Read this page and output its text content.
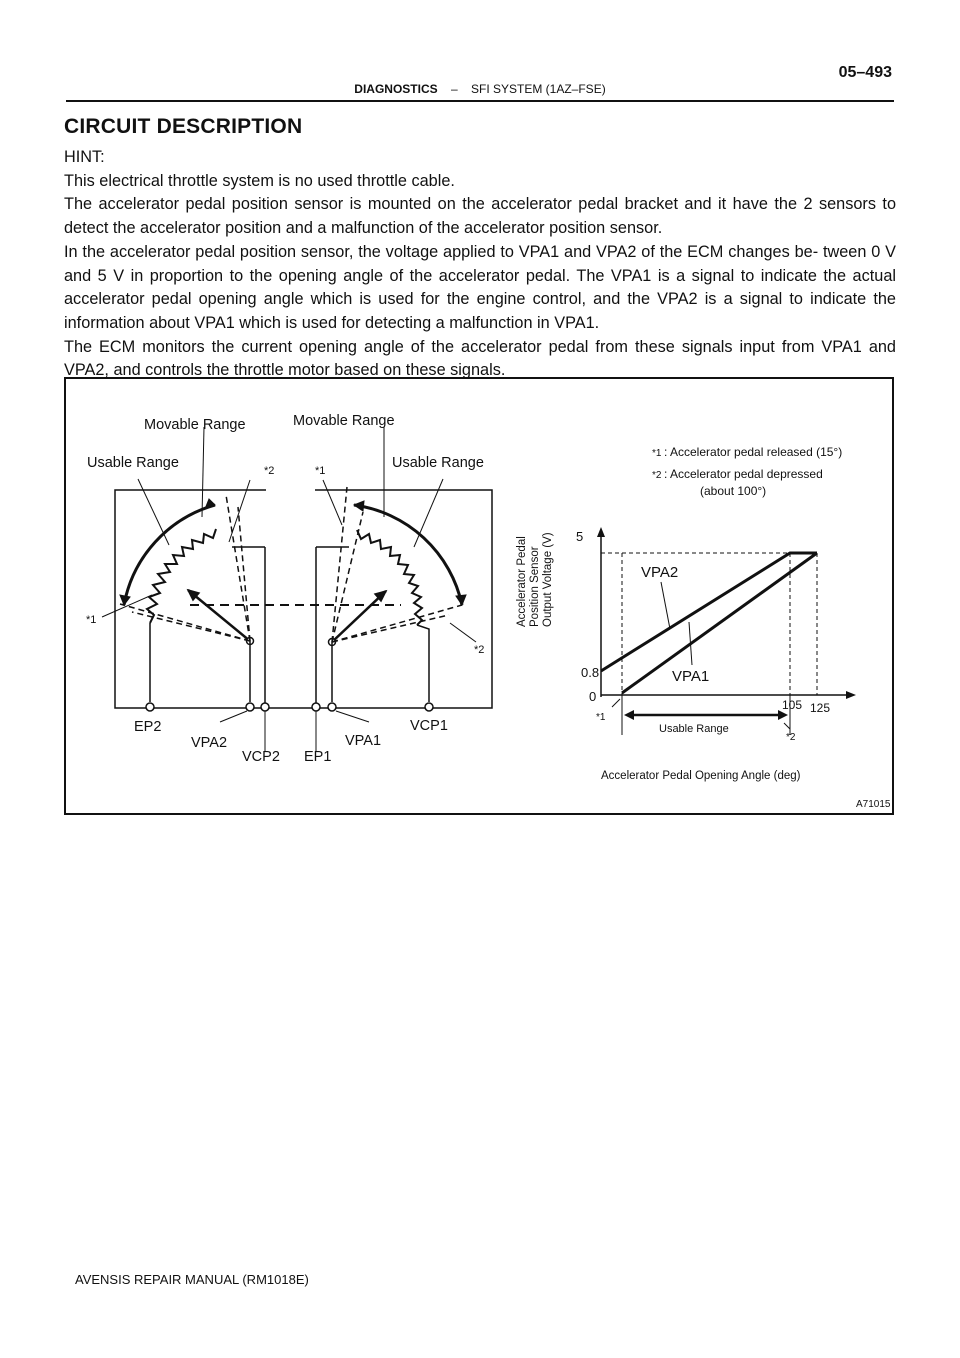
DIAGNOSTICS – SFI SYSTEM (1AZ–FSE)
05–493
CIRCUIT DESCRIPTION

HINT:

This electrical throttle system is no used throttle cable.

The accelerator pedal position sensor is mounted on the accelerator pedal bracket and it have the 2 sensors to detect the accelerator position and a malfunction of the accelerator position sensor.

In the accelerator pedal position sensor, the voltage applied to VPA1 and VPA2 of the ECM changes be- tween 0 V and 5 V in proportion to the opening angle of the accelerator pedal. The VPA1 is a signal to indicate the actual accelerator pedal opening angle which is used for the engine control, and the VPA2 is a signal to indicate the information about VPA1 which is used for detecting a malfunction in VPA1.

The ECM monitors the current opening angle of the accelerator pedal from these signals input from VPA1 and VPA2, and controls the throttle motor based on these signals.

Movable Range	Movable Range
Usable Range	Usable Range
*2	*1
*1
*2
EP2
VPA2
VCP2 EP1
VPA1
VCP1
*1 : Accelerator pedal released (15°)
*2 : Accelerator pedal depressed
(about 100°)
Accelerator Pedal Position Sensor Output Voltage (V) 5
0.8
0
105 125
VPA2
VPA1
Usable Range
*1
*2
Accelerator Pedal Opening Angle (deg)
A71015
AVENSIS REPAIR MANUAL (RM1018E)
